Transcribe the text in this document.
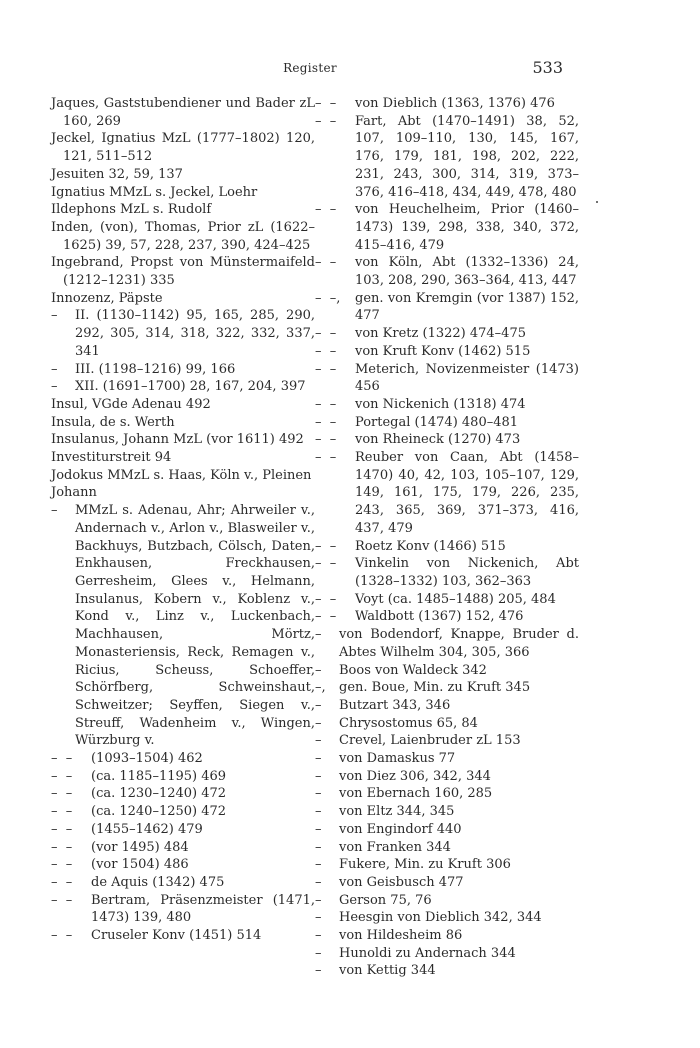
Register	533
Jaques, Gaststubendiener und Bader zL 160, 269
Jeckel, Ignatius MzL (1777–1802) 120, 121, 511–512
Jesuiten 32, 59, 137
Ignatius MMzL s. Jeckel, Loehr
Ildephons MzL s. Rudolf
Inden, (von), Thomas, Prior zL (1622–1625) 39, 57, 228, 237, 390, 424–425
Ingebrand, Propst von Münstermaifeld (1212–1231) 335
Innozenz, Päpste
– II. (1130–1142) 95, 165, 285, 290, 292, 305, 314, 318, 322, 332, 337, 341
– III. (1198–1216) 99, 166
– XII. (1691–1700) 28, 167, 204, 397
Insul, VGde Adenau 492
Insula, de s. Werth
Insulanus, Johann MzL (vor 1611) 492
Investiturstreit 94
Jodokus MMzL s. Haas, Köln v., Pleinen
Johann
– MMzL s. Adenau, Ahr; Ahrweiler v., Andernach v., Arlon v., Blasweiler v., Backhuys, Butzbach, Cölsch, Daten, Enkhausen, Freckhausen, Gerresheim, Glees v., Helmann, Insulanus, Kobern v., Koblenz v., Kond v., Linz v., Luckenbach, Machhausen, Mörtz, Monasteriensis, Reck, Remagen v., Ricius, Scheuss, Schoeffer, Schörfberg, Schweinshaut, Schweitzer; Seyffen, Siegen v., Streuff, Wadenheim v., Wingen, Würzburg v.
–  – (1093–1504) 462
–  – (ca. 1185–1195) 469
–  – (ca. 1230–1240) 472
–  – (ca. 1240–1250) 472
–  – (1455–1462) 479
–  – (vor 1495) 484
–  – (vor 1504) 486
–  – de Aquis (1342) 475
–  – Bertram, Präsenzmeister (1471, 1473) 139, 480
–  – Cruseler Konv (1451) 514
–  – von Dieblich (1363, 1376) 476
–  – Fart, Abt (1470–1491) 38, 52, 107, 109–110, 130, 145, 167, 176, 179, 181, 198, 202, 222, 231, 243, 300, 314, 319, 373–376, 416–418, 434, 449, 478, 480
–  – von Heuchelheim, Prior (1460–1473) 139, 298, 338, 340, 372, 415–416, 479
–  – von Köln, Abt (1332–1336) 24, 103, 208, 290, 363–364, 413, 447
–  –, gen. von Kremgin (vor 1387) 152, 477
–  – von Kretz (1322) 474–475
–  – von Kruft Konv (1462) 515
–  – Meterich, Novizenmeister (1473) 456
–  – von Nickenich (1318) 474
–  – Portegal (1474) 480–481
–  – von Rheineck (1270) 473
–  – Reuber von Caan, Abt (1458–1470) 40, 42, 103, 105–107, 129, 149, 161, 175, 179, 226, 235, 243, 365, 369, 371–373, 416, 437, 479
–  – Roetz Konv (1466) 515
–  – Vinkelin von Nickenich, Abt (1328–1332) 103, 362–363
–  – Voyt (ca. 1485–1488) 205, 484
–  – Waldbott (1367) 152, 476
– von Bodendorf, Knappe, Bruder d. Abtes Wilhelm 304, 305, 366
– Boos von Waldeck 342
–, gen. Boue, Min. zu Kruft 345
– Butzart 343, 346
– Chrysostomus 65, 84
– Crevel, Laienbruder zL 153
– von Damaskus 77
– von Diez 306, 342, 344
– von Ebernach 160, 285
– von Eltz 344, 345
– von Engindorf 440
– von Franken 344
– Fukere, Min. zu Kruft 306
– von Geisbusch 477
– Gerson 75, 76
– Heesgin von Dieblich 342, 344
– von Hildesheim 86
– Hunoldi zu Andernach 344
– von Kettig 344
